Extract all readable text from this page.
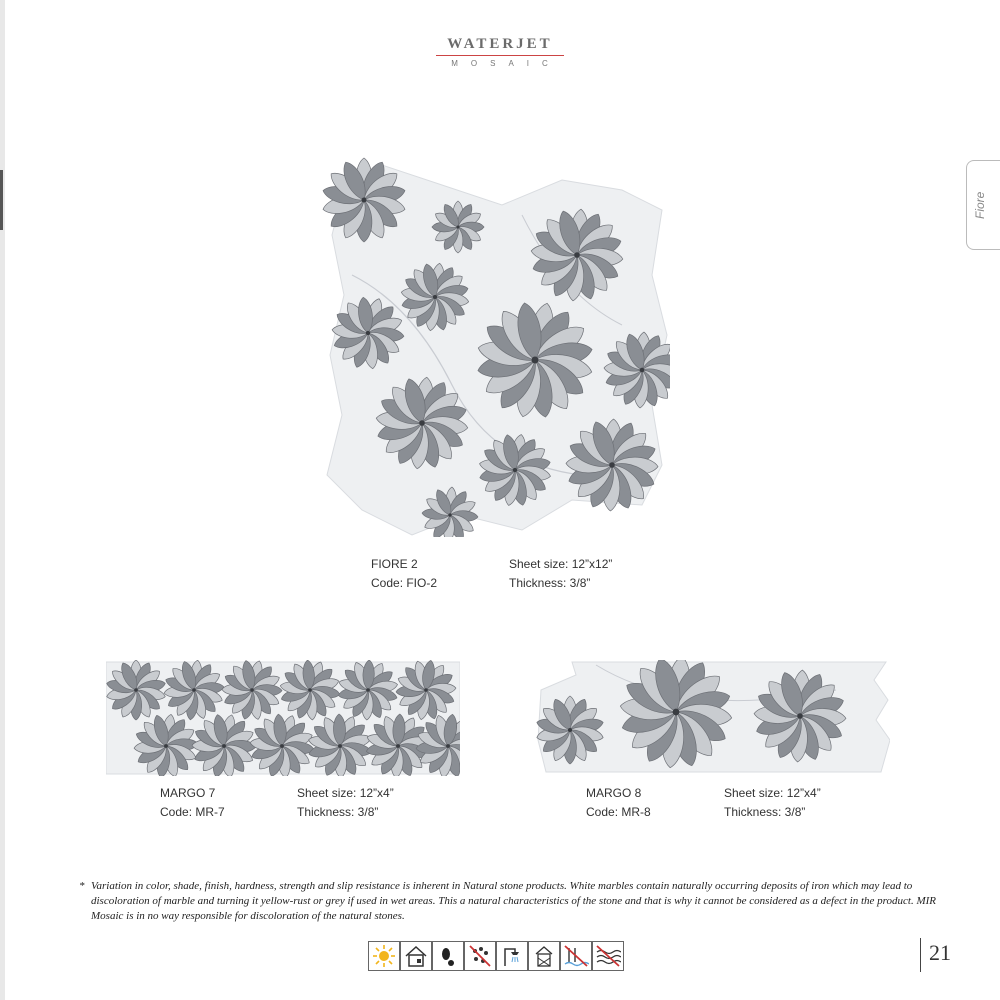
WATERJET
MOSAIC
Fiore
FIORE 2
Code: FIO-2
Sheet size: 12”x12”
Thickness: 3/8”
MARGO 7
Code: MR-7
Sheet size: 12”x4”
Thickness: 3/8”
MARGO 8
Code: MR-8
Sheet size: 12”x4”
Thickness: 3/8”
* Variation in color, shade, finish, hardness, strength and slip resistance is inherent in Natural stone products. White marbles contain naturally occurring deposits of iron which may lead to discoloration of marble and turning it yellow-rust or grey if used in wet areas. This a natural characteristics of the stone and that is why it cannot be considered as a defect in the product. MIR Mosaic is in no way responsible for discoloration of the natural stones.
21
